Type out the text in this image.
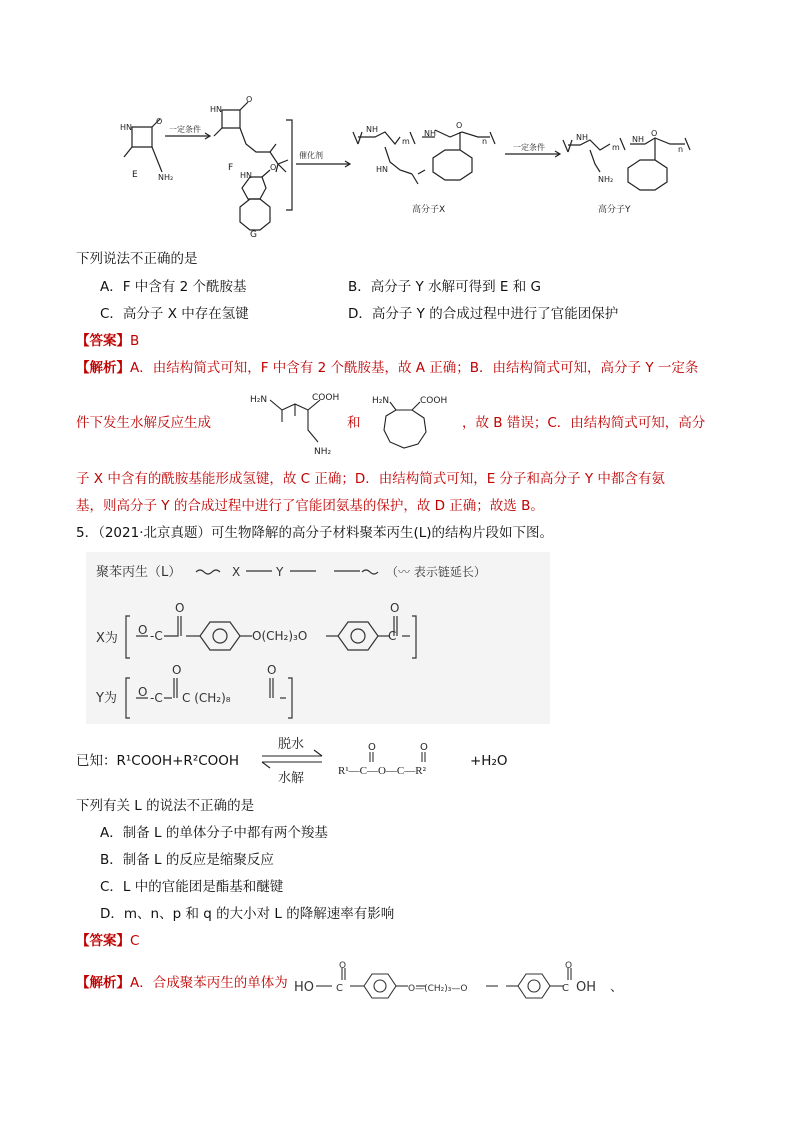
HN
O
NH₂
E
一定条件
HN
O
F
HN
O
G
催化剂
NH
m
HN
NH
O
n
高分子X
一定条件
NH
m
NH₂
NH
O
n
高分子Y
下列说法不正确的是
A．F 中含有 2 个酰胺基	B．高分子 Y 水解可得到 E 和 G
C．高分子 X 中存在氢键	D．高分子 Y 的合成过程中进行了官能团保护
【答案】B
【解析】A．由结构简式可知，F 中含有 2 个酰胺基，故 A 正确；B．由结构简式可知，高分子 Y 一定条
件下发生水解反应生成
H₂N	COOH
NH₂
和
H₂N	COOH
，故 B 错误；C．由结构简式可知，高分
子 X 中含有的酰胺基能形成氢键，故 C 正确；D．由结构简式可知，E 分子和高分子 Y 中都含有氨
基，则高分子 Y 的合成过程中进行了官能团氨基的保护，故 D 正确；故选 B。
5．（2021·北京真题）可生物降解的高分子材料聚苯丙生(L)的结构片段如下图。
聚苯丙生（L）	X	Y	（〰 表示链延长）
X为
Y为
O -C
O
O(CH₂)₃O
O
C
O -C
O
C (CH₂)₈
O
已知：R¹COOH+R²COOH
脱水
水解
O	O
R¹—C—O—C—R²
+H₂O
下列有关 L 的说法不正确的是
A．制备 L 的单体分子中都有两个羧基
B．制备 L 的反应是缩聚反应
C．L 中的官能团是酯基和醚键
D．m、n、p 和 q 的大小对 L 的降解速率有影响
【答案】C
【解析】A．合成聚苯丙生的单体为 HO
O
C	O—(CH₂)₃—O
O
C OH 、
